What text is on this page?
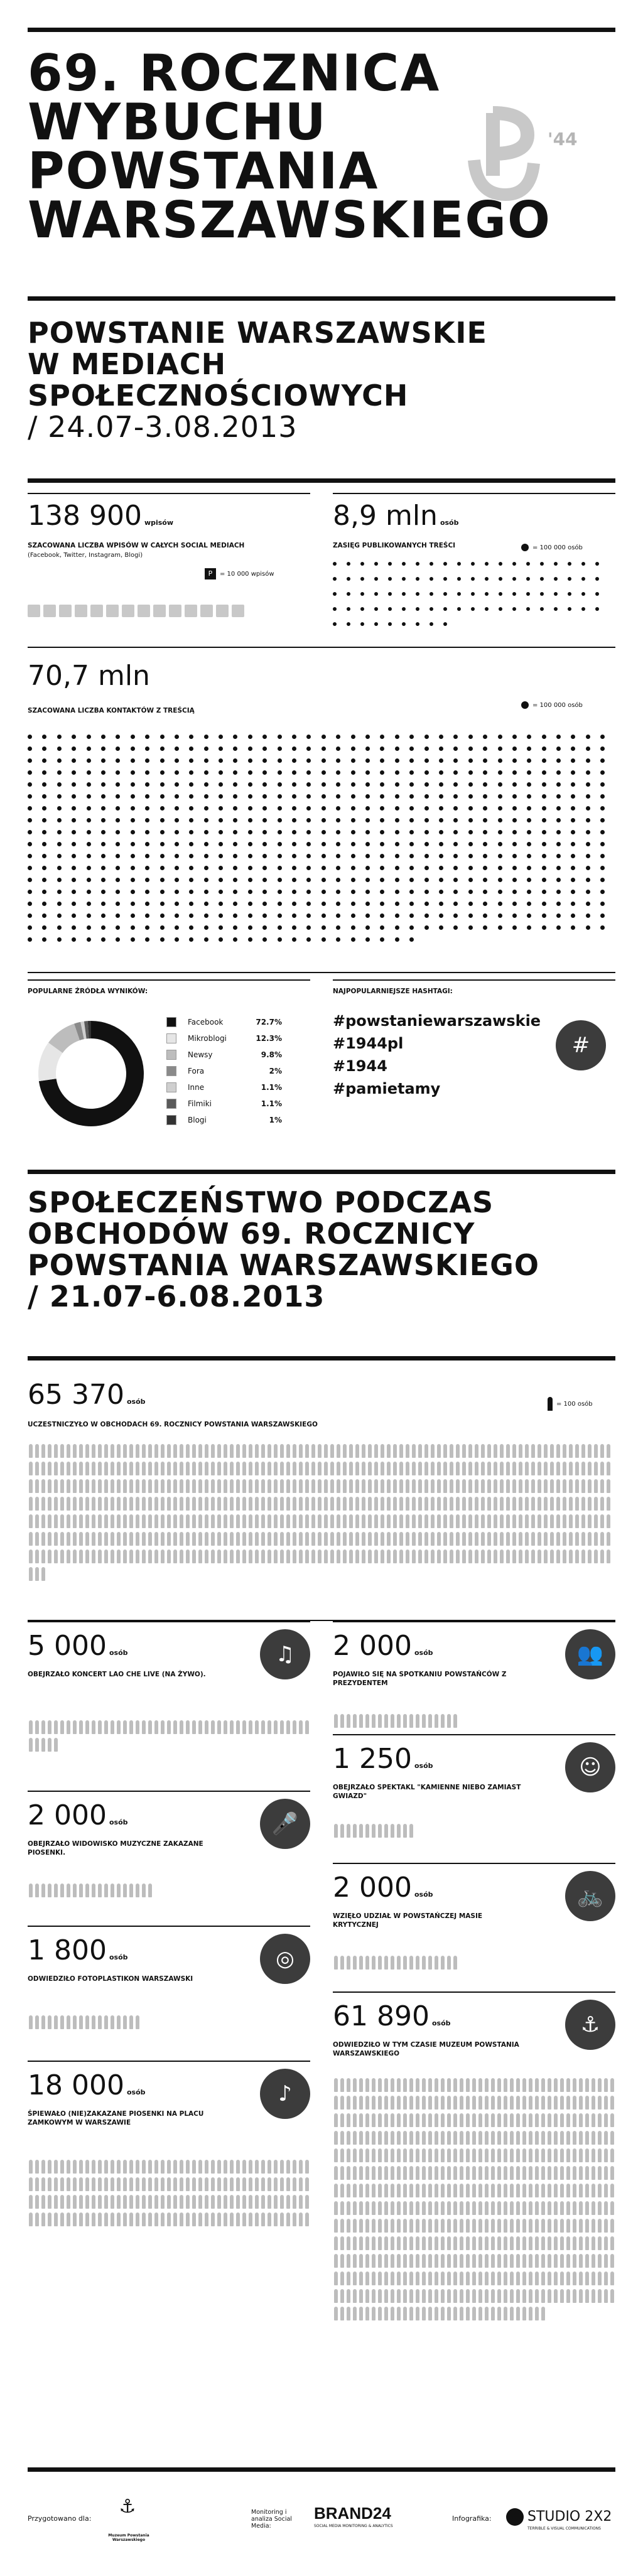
69. ROCZNICA
WYBUCHU
POWSTANIA
WARSZAWSKIEGO
'44
POWSTANIE WARSZAWSKIE
W MEDIACH
SPOŁECZNOŚCIOWYCH
/ 24.07-3.08.2013
138 900 wpisów
SZACOWANA LICZBA WPISÓW W CAŁYCH SOCIAL MEDIACH
(Facebook, Twitter, Instagram, Blogi)
P	= 10 000 wpisów
8,9 mln osób
ZASIĘG PUBLIKOWANYCH TREŚCI	= 100 000 osób
70,7 mln
SZACOWANA LICZBA KONTAKTÓW Z TREŚCIĄ
= 100 000 osób
POPULARNE ŹRÓDŁA WYNIKÓW:
Facebook	72.7%
Mikroblogi	12.3%
Newsy	9.8%
Fora	2%
Inne	1.1%
Filmiki	1.1%
Blogi	1%
NAJPOPULARNIEJSZE HASHTAGI:
#powstaniewarszawskie
#1944pl
#1944
#pamietamy
#
SPOŁECZEŃSTWO PODCZAS
OBCHODÓW 69. ROCZNICY
POWSTANIA WARSZAWSKIEGO
/ 21.07-6.08.2013
65 370 osób
UCZESTNICZYŁO W OBCHODACH 69. ROCZNICY POWSTANIA WARSZAWSKIEGO
= 100 osób
5 000 osób
OBEJRZAŁO KONCERT LAO CHE LIVE (NA ŻYWO).
♫	2 000 osób
POJAWIŁO SIĘ NA SPOTKANIU POWSTAŃCÓW Z PREZYDENTEM
👥
1 250 osób
OBEJRZAŁO SPEKTAKL "KAMIENNE NIEBO ZAMIAST GWIAZD"
☺
2 000 osób
OBEJRZAŁO WIDOWISKO MUZYCZNE ZAKAZANE PIOSENKI.
🎤
2 000 osób
WZIĘŁO UDZIAŁ W POWSTAŃCZEJ MASIE KRYTYCZNEJ
🚲
1 800 osób
ODWIEDZIŁO FOTOPLASTIKON WARSZAWSKI
◎
61 890 osób
ODWIEDZIŁO W TYM CZASIE MUZEUM POWSTANIA WARSZAWSKIEGO
⚓
18 000 osób
ŚPIEWAŁO (NIE)ZAKAZANE PIOSENKI NA PLACU ZAMKOWYM W WARSZAWIE
♪
Przygotowano dla:
⚓
Muzeum Powstania Warszawskiego
Monitoring i analiza Social Media:
BRAND24
SOCIAL MEDIA MONITORING & ANALYTICS
Infografika:	STUDIO 2X2
TERRIBLE & VISUAL COMMUNICATIONS
